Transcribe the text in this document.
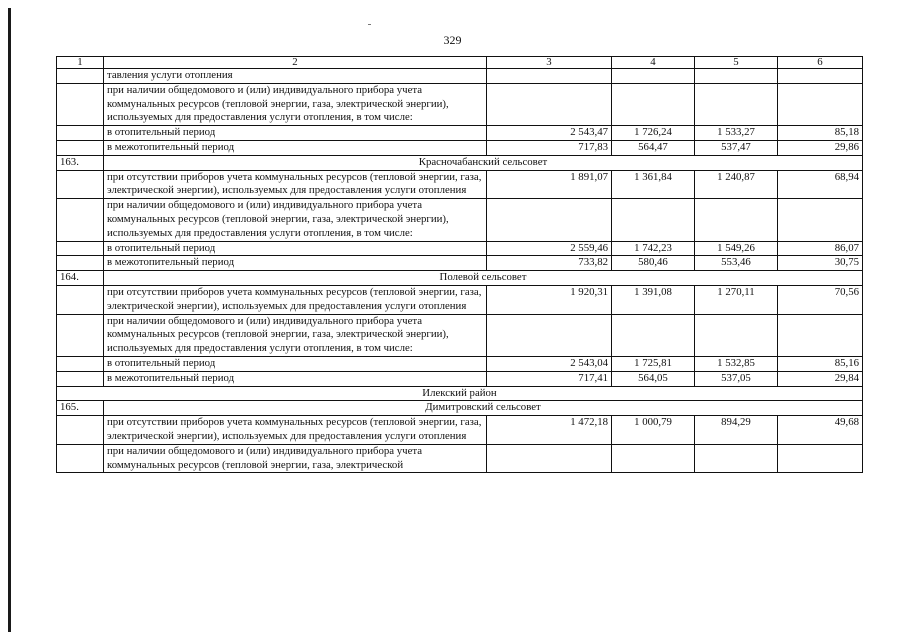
329
1	2	3	4	5	6
	тавления услуги отопления				
	при наличии общедомового и (или) индивидуального прибора учета коммунальных ресурсов (тепловой энергии, газа, электрической энергии), используемых для предоставления услуги отопления, в том числе:				
	в отопительный период	2 543,47	1 726,24	1 533,27	85,18
	в межотопительный период	717,83	564,47	537,47	29,86
163.	Красночабанский сельсовет				
	при отсутствии приборов учета коммунальных ресурсов (тепловой энергии, газа, электрической энергии), используемых для предоставления услуги отопления	1 891,07	1 361,84	1 240,87	68,94
	при наличии общедомового и (или) индивидуального прибора учета коммунальных ресурсов (тепловой энергии, газа, электрической энергии), используемых для предоставления услуги отопления, в том числе:				
	в отопительный период	2 559,46	1 742,23	1 549,26	86,07
	в межотопительный период	733,82	580,46	553,46	30,75
164.	Полевой сельсовет				
	при отсутствии приборов учета коммунальных ресурсов (тепловой энергии, газа, электрической энергии), используемых для предоставления услуги отопления	1 920,31	1 391,08	1 270,11	70,56
	при наличии общедомового и (или) индивидуального прибора учета коммунальных ресурсов (тепловой энергии, газа, электрической энергии), используемых для предоставления услуги отопления, в том числе:				
	в отопительный период	2 543,04	1 725,81	1 532,85	85,16
	в межотопительный период	717,41	564,05	537,05	29,84
Илекский район					
165.	Димитровский сельсовет				
	при отсутствии приборов учета коммунальных ресурсов (тепловой энергии, газа, электрической энергии), используемых для предоставления услуги отопления	1 472,18	1 000,79	894,29	49,68
	при наличии общедомового и (или) индивидуального прибора учета коммунальных ресурсов (тепловой энергии, газа, электрической				
